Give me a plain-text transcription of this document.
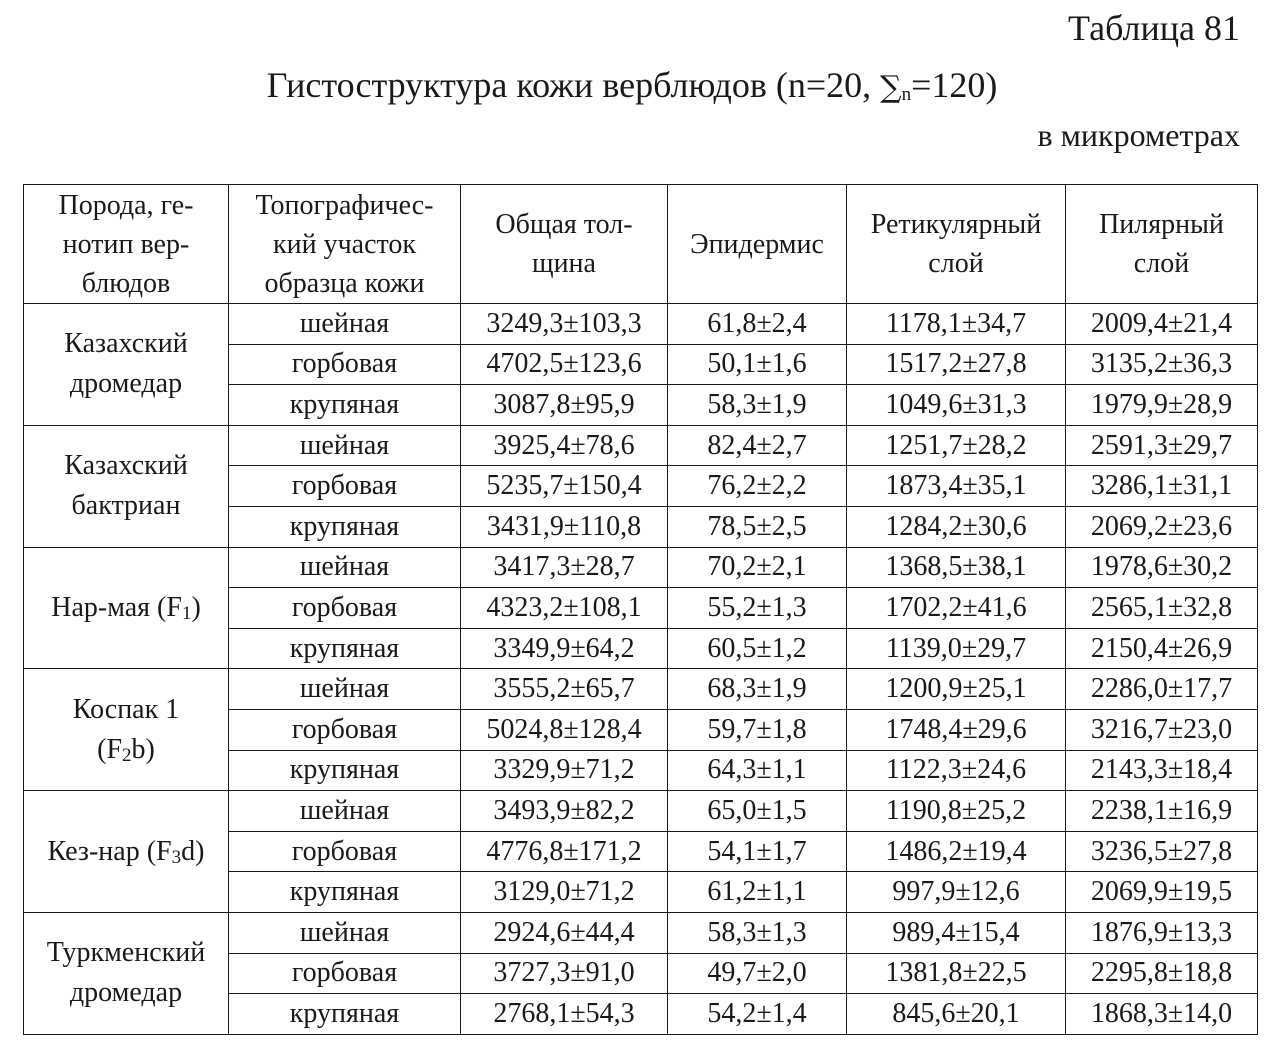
Таблица 81
Гистоструктура кожи верблюдов (n=20, $\sum_n=120$)
в микрометрах
Порода, ге-
нотип вер-
блюдов	Топографичес-
кий участок
образца кожи	Общая тол-
щина	Эпидермис	Ретикулярный
слой	Пилярный
слой
Казахский
дромедар	шейная	3249,3±103,3	61,8±2,4	1178,1±34,7	2009,4±21,4
	горбовая	4702,5±123,6	50,1±1,6	1517,2±27,8	3135,2±36,3
	крупяная	3087,8±95,9	58,3±1,9	1049,6±31,3	1979,9±28,9
Казахский
бактриан	шейная	3925,4±78,6	82,4±2,7	1251,7±28,2	2591,3±29,7
	горбовая	5235,7±150,4	76,2±2,2	1873,4±35,1	3286,1±31,1
	крупяная	3431,9±110,8	78,5±2,5	1284,2±30,6	2069,2±23,6
Нар-мая $(F_1)$	шейная	3417,3±28,7	70,2±2,1	1368,5±38,1	1978,6±30,2
	горбовая	4323,2±108,1	55,2±1,3	1702,2±41,6	2565,1±32,8
	крупяная	3349,9±64,2	60,5±1,2	1139,0±29,7	2150,4±26,9
Коспак 1
$(F_2b)$	шейная	3555,2±65,7	68,3±1,9	1200,9±25,1	2286,0±17,7
	горбовая	5024,8±128,4	59,7±1,8	1748,4±29,6	3216,7±23,0
	крупяная	3329,9±71,2	64,3±1,1	1122,3±24,6	2143,3±18,4
Кез-нар $(F_3d)$	шейная	3493,9±82,2	65,0±1,5	1190,8±25,2	2238,1±16,9
	горбовая	4776,8±171,2	54,1±1,7	1486,2±19,4	3236,5±27,8
	крупяная	3129,0±71,2	61,2±1,1	997,9±12,6	2069,9±19,5
Туркменский
дромедар	шейная	2924,6±44,4	58,3±1,3	989,4±15,4	1876,9±13,3
	горбовая	3727,3±91,0	49,7±2,0	1381,8±22,5	2295,8±18,8
	крупяная	2768,1±54,3	54,2±1,4	845,6±20,1	1868,3±14,0
